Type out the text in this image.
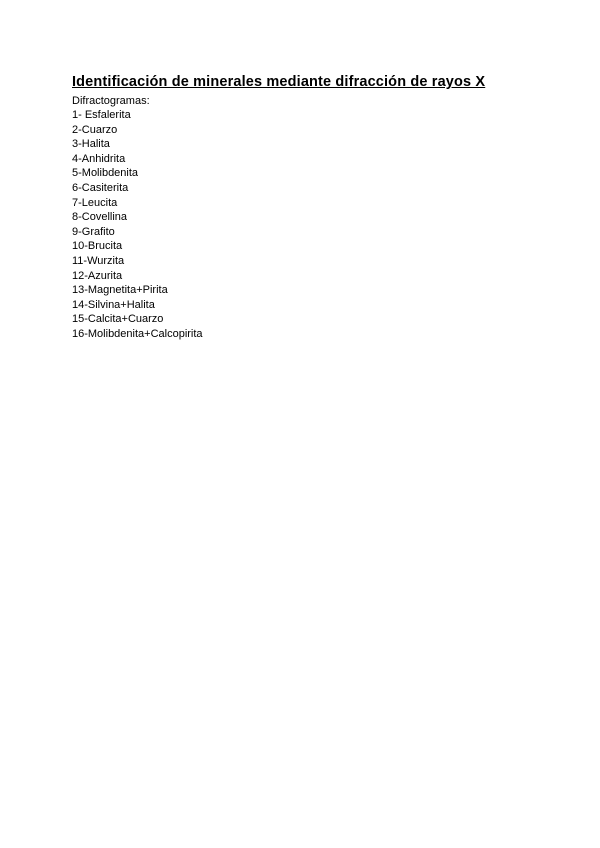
Identificación de minerales mediante difracción de rayos X

Difractogramas:

1- Esfalerita
2-Cuarzo
3-Halita
4-Anhidrita
5-Molibdenita
6-Casiterita
7-Leucita
8-Covellina
9-Grafito
10-Brucita
11-Wurzita
12-Azurita
13-Magnetita+Pirita
14-Silvina+Halita
15-Calcita+Cuarzo
16-Molibdenita+Calcopirita
